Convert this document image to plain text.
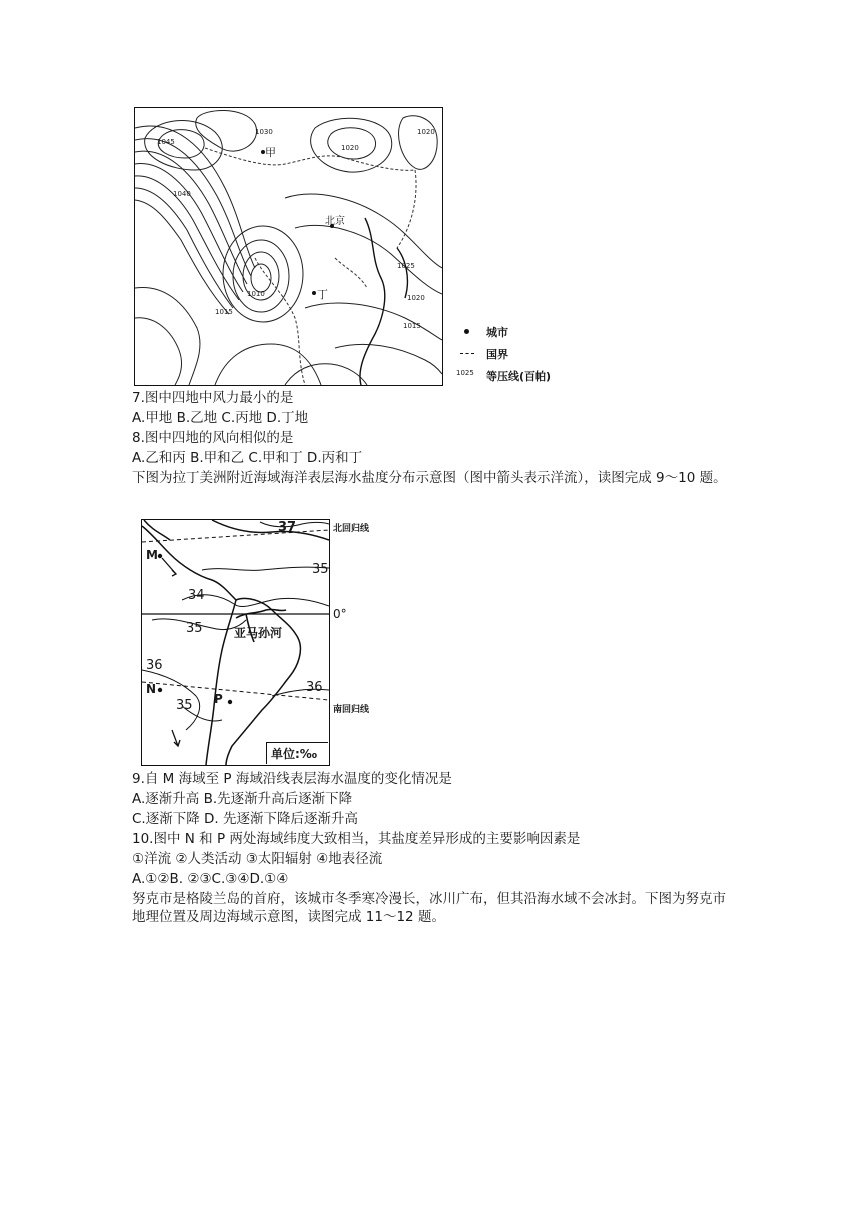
甲
北京
丁
1045
1040
1030
1020
1020
1025
1020
1015
1015
1010
城市
国界
1025 等压线(百帕)
7.图中四地中风力最小的是
A.甲地 B.乙地 C.丙地 D.丁地
8.图中四地的风向相似的是
A.乙和丙 B.甲和乙 C.甲和丁 D.丙和丁
下图为拉丁美洲附近海域海洋表层海水盐度分布示意图（图中箭头表示洋流），读图完成 9～10 题。
M
N
P
37
35
34
35
36
36
35
亚马孙河
单位:‰
北回归线
0°
南回归线
9.自 M 海域至 P 海域沿线表层海水温度的变化情况是
A.逐渐升高 B.先逐渐升高后逐渐下降
C.逐渐下降 D. 先逐渐下降后逐渐升高
10.图中 N 和 P 两处海域纬度大致相当，其盐度差异形成的主要影响因素是
①洋流 ②人类活动 ③太阳辐射 ④地表径流
A.①②B. ②③C.③④D.①④
努克市是格陵兰岛的首府，该城市冬季寒冷漫长，冰川广布，但其沿海水域不会冰封。下图为努克市地理位置及周边海域示意图，读图完成 11～12 题。
